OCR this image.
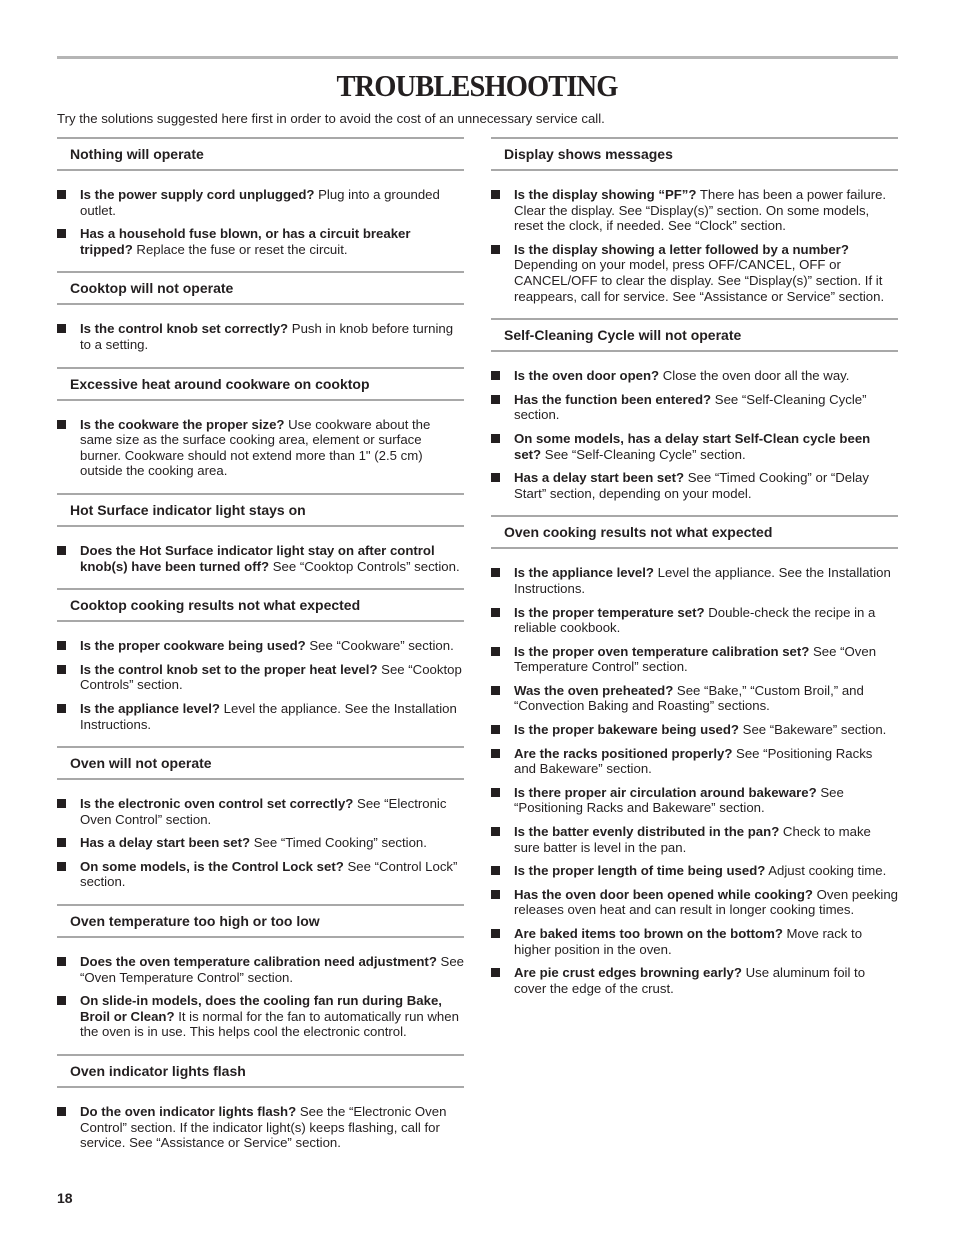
TROUBLESHOOTING
Try the solutions suggested here first in order to avoid the cost of an unnecessary service call.
Nothing will operate
Is the power supply cord unplugged? Plug into a grounded outlet.
Has a household fuse blown, or has a circuit breaker tripped? Replace the fuse or reset the circuit.
Cooktop will not operate
Is the control knob set correctly? Push in knob before turning to a setting.
Excessive heat around cookware on cooktop
Is the cookware the proper size? Use cookware about the same size as the surface cooking area, element or surface burner. Cookware should not extend more than 1" (2.5 cm) outside the cooking area.
Hot Surface indicator light stays on
Does the Hot Surface indicator light stay on after control knob(s) have been turned off? See “Cooktop Controls” section.
Cooktop cooking results not what expected
Is the proper cookware being used? See “Cookware” section.
Is the control knob set to the proper heat level? See “Cooktop Controls” section.
Is the appliance level? Level the appliance. See the Installation Instructions.
Oven will not operate
Is the electronic oven control set correctly? See “Electronic Oven Control” section.
Has a delay start been set? See “Timed Cooking” section.
On some models, is the Control Lock set? See “Control Lock” section.
Oven temperature too high or too low
Does the oven temperature calibration need adjustment? See “Oven Temperature Control” section.
On slide-in models, does the cooling fan run during Bake, Broil or Clean? It is normal for the fan to automatically run when the oven is in use. This helps cool the electronic control.
Oven indicator lights flash
Do the oven indicator lights flash? See the “Electronic Oven Control” section. If the indicator light(s) keeps flashing, call for service. See “Assistance or Service” section.
Display shows messages
Is the display showing “PF”? There has been a power failure. Clear the display. See “Display(s)” section. On some models, reset the clock, if needed. See “Clock” section.
Is the display showing a letter followed by a number? Depending on your model, press OFF/CANCEL, OFF or CANCEL/OFF to clear the display. See “Display(s)” section. If it reappears, call for service. See “Assistance or Service” section.
Self-Cleaning Cycle will not operate
Is the oven door open? Close the oven door all the way.
Has the function been entered? See “Self-Cleaning Cycle” section.
On some models, has a delay start Self-Clean cycle been set? See “Self-Cleaning Cycle” section.
Has a delay start been set? See “Timed Cooking” or “Delay Start” section, depending on your model.
Oven cooking results not what expected
Is the appliance level? Level the appliance. See the Installation Instructions.
Is the proper temperature set? Double-check the recipe in a reliable cookbook.
Is the proper oven temperature calibration set? See “Oven Temperature Control” section.
Was the oven preheated? See “Bake,” “Custom Broil,” and “Convection Baking and Roasting” sections.
Is the proper bakeware being used? See “Bakeware” section.
Are the racks positioned properly? See “Positioning Racks and Bakeware” section.
Is there proper air circulation around bakeware? See “Positioning Racks and Bakeware” section.
Is the batter evenly distributed in the pan? Check to make sure batter is level in the pan.
Is the proper length of time being used? Adjust cooking time.
Has the oven door been opened while cooking? Oven peeking releases oven heat and can result in longer cooking times.
Are baked items too brown on the bottom? Move rack to higher position in the oven.
Are pie crust edges browning early? Use aluminum foil to cover the edge of the crust.
18
